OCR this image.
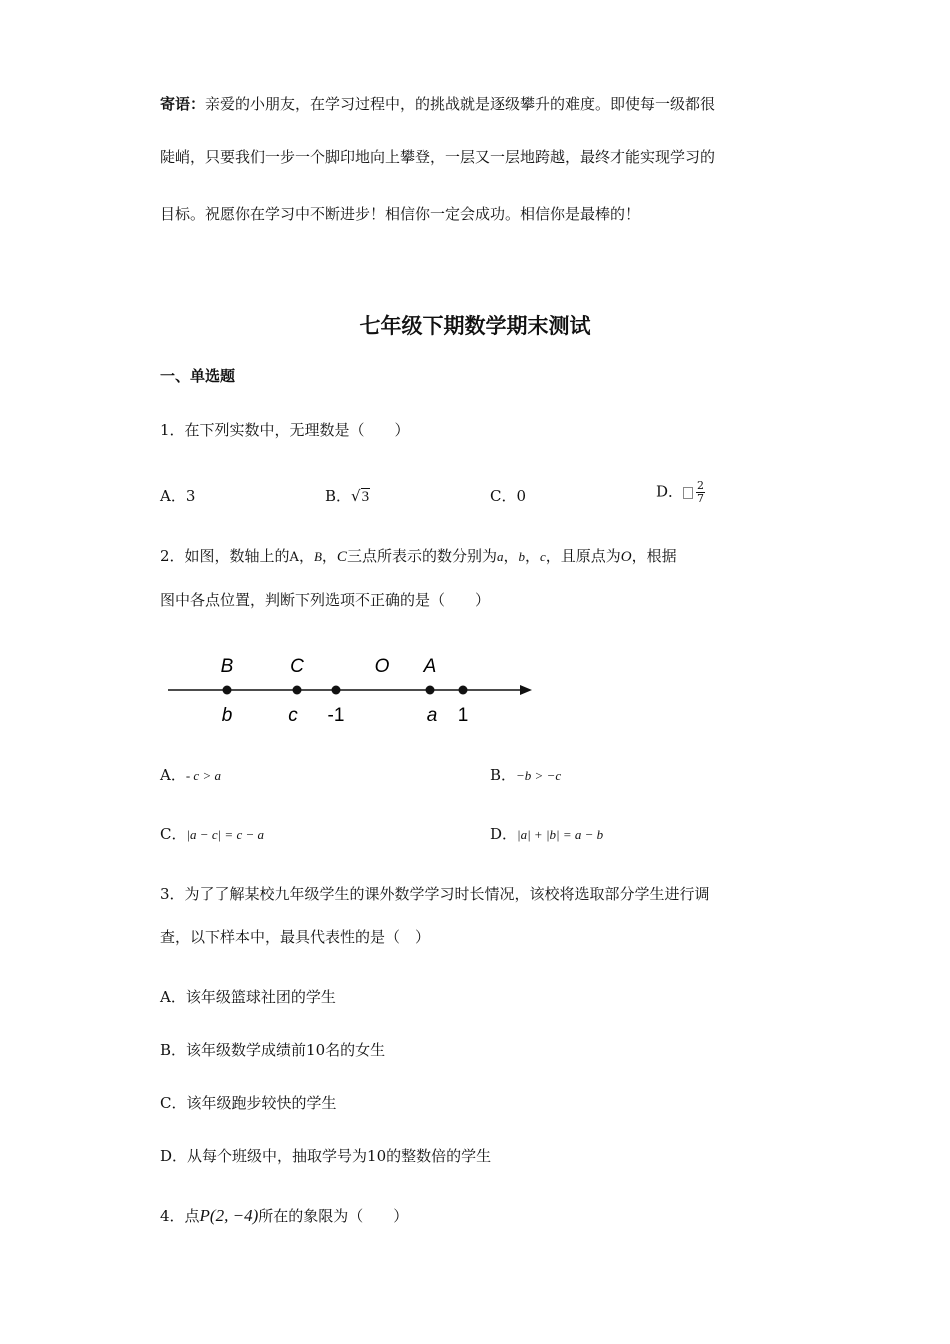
寄语：亲爱的小朋友，在学习过程中，的挑战就是逐级攀升的难度。即使每一级都很
陡峭，只要我们一步一个脚印地向上攀登，一层又一层地跨越，最终才能实现学习的
目标。祝愿你在学习中不断进步！相信你一定会成功。相信你是最棒的！
七年级下期数学期末测试
一、单选题
1．在下列实数中，无理数是（　　）
A．3	B．√3	C．0	D． $\frac{2}{7}$
2．如图，数轴上的A，B，C三点所表示的数分别为a，b，c，且原点为O，根据
图中各点位置，判断下列选项不正确的是（　　）
B	C	O A
b	c -1	a 1
A．- c > a	B．−b > −c
C．|a − c| = c − a	D．|a| + |b| = a − b
3．为了了解某校九年级学生的课外数学学习时长情况，该校将选取部分学生进行调
查，以下样本中，最具代表性的是（　）
A．该年级篮球社团的学生
B．该年级数学成绩前10名的女生
C．该年级跑步较快的学生
D．从每个班级中，抽取学号为10的整数倍的学生
4．点P(2, −4)所在的象限为（　　）
